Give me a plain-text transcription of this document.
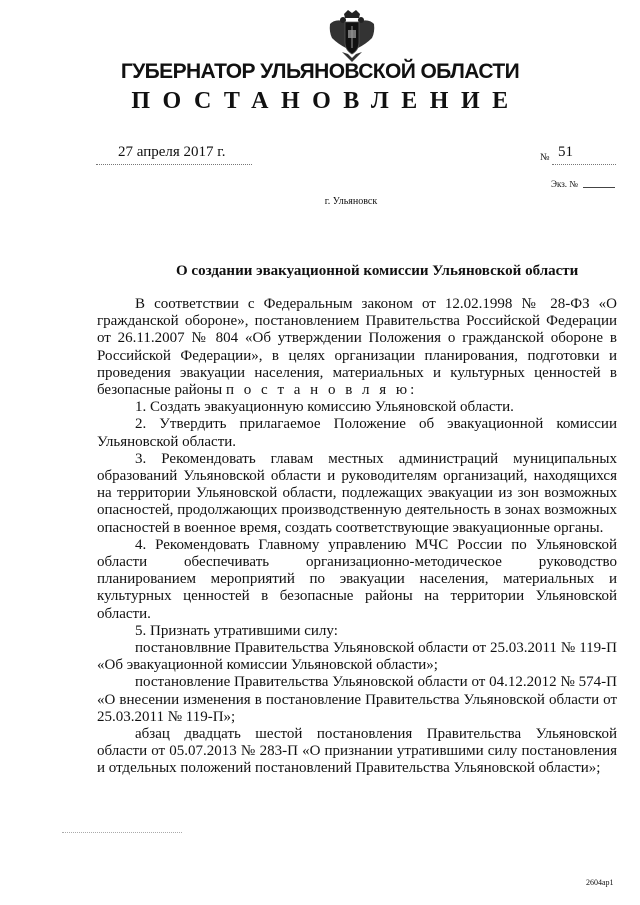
ГУБЕРНАТОР УЛЬЯНОВСКОЙ ОБЛАСТИ
ПОСТАНОВЛЕНИЕ
27 апреля 2017 г.	№ 51
Экз. №
г. Ульяновск
О создании эвакуационной комиссии Ульяновской области

В соответствии с Федеральным законом от 12.02.1998 № 28-ФЗ «О гражданской обороне», постановлением Правительства Российской Федерации от 26.11.2007 № 804 «Об утверждении Положения о гражданской обороне в Российской Федерации», в целях организации планирования, подготовки и проведения эвакуации населения, материальных и культурных ценностей в безопасные районы п о с т а н о в л я ю:

1. Создать эвакуационную комиссию Ульяновской области.

2. Утвердить прилагаемое Положение об эвакуационной комиссии Ульяновской области.

3. Рекомендовать главам местных администраций муниципальных образований Ульяновской области и руководителям организаций, находящихся на территории Ульяновской области, подлежащих эвакуации из зон возможных опасностей, продолжающих производственную деятельность в зонах возможных опасностей в военное время, создать соответствующие эвакуационные органы.

4. Рекомендовать Главному управлению МЧС России по Ульяновской области обеспечивать организационно-методическое руководство планированием мероприятий по эвакуации населения, материальных и культурных ценностей в безопасные районы на территории Ульяновской области.

5. Признать утратившими силу:

постановлвние Правительства Ульяновской области от 25.03.2011 № 119-П «Об эвакуационной комиссии Ульяновской области»;

постановление Правительства Ульяновской области от 04.12.2012 № 574-П «О внесении изменения в постановление Правительства Ульяновской области от 25.03.2011 № 119-П»;

абзац двадцать шестой постановления Правительства Ульяновской области от 05.07.2013 № 283-П «О признании утратившими силу постановления и отдельных положений постановлений Правительства Ульяновской области»;

2604ap1
